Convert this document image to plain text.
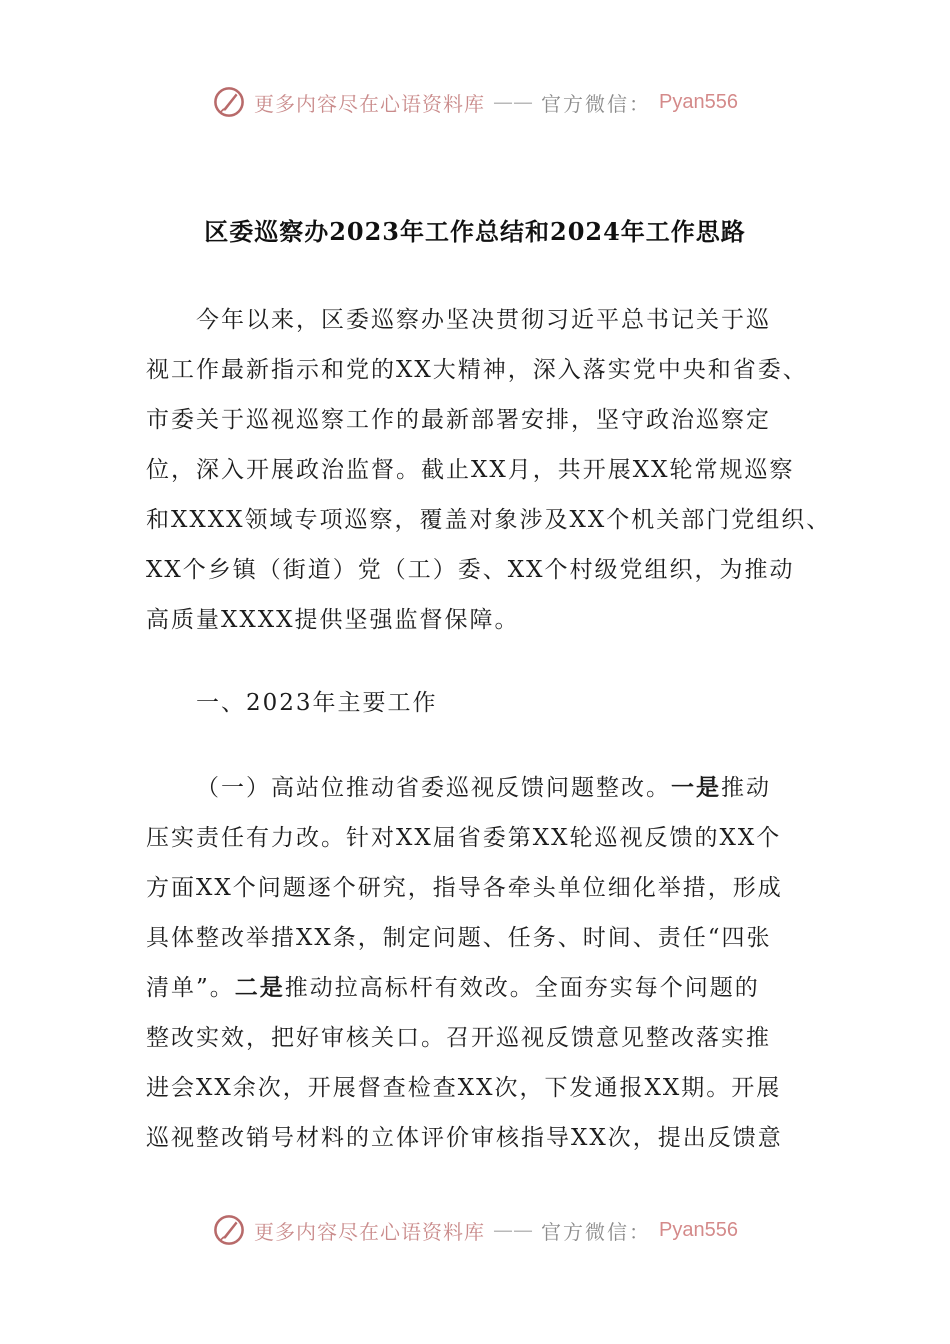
更多内容尽在心语资料库 —— 官方微信： Pyan556
区委巡察办2023年工作总结和2024年工作思路
今年以来，区委巡察办坚决贯彻习近平总书记关于巡
视工作最新指示和党的XX大精神，深入落实党中央和省委、
市委关于巡视巡察工作的最新部署安排，坚守政治巡察定
位，深入开展政治监督。截止XX月，共开展XX轮常规巡察
和XXXX领域专项巡察，覆盖对象涉及XX个机关部门党组织、
XX个乡镇（街道）党（工）委、XX个村级党组织，为推动
高质量XXXX提供坚强监督保障。
一、2023年主要工作
（一）高站位推动省委巡视反馈问题整改。一是推动
压实责任有力改。针对XX届省委第XX轮巡视反馈的XX个
方面XX个问题逐个研究，指导各牵头单位细化举措，形成
具体整改举措XX条，制定问题、任务、时间、责任“四张
清单”。二是推动拉高标杆有效改。全面夯实每个问题的
整改实效，把好审核关口。召开巡视反馈意见整改落实推
进会XX余次，开展督查检查XX次，下发通报XX期。开展
巡视整改销号材料的立体评价审核指导XX次，提出反馈意
更多内容尽在心语资料库 —— 官方微信： Pyan556
